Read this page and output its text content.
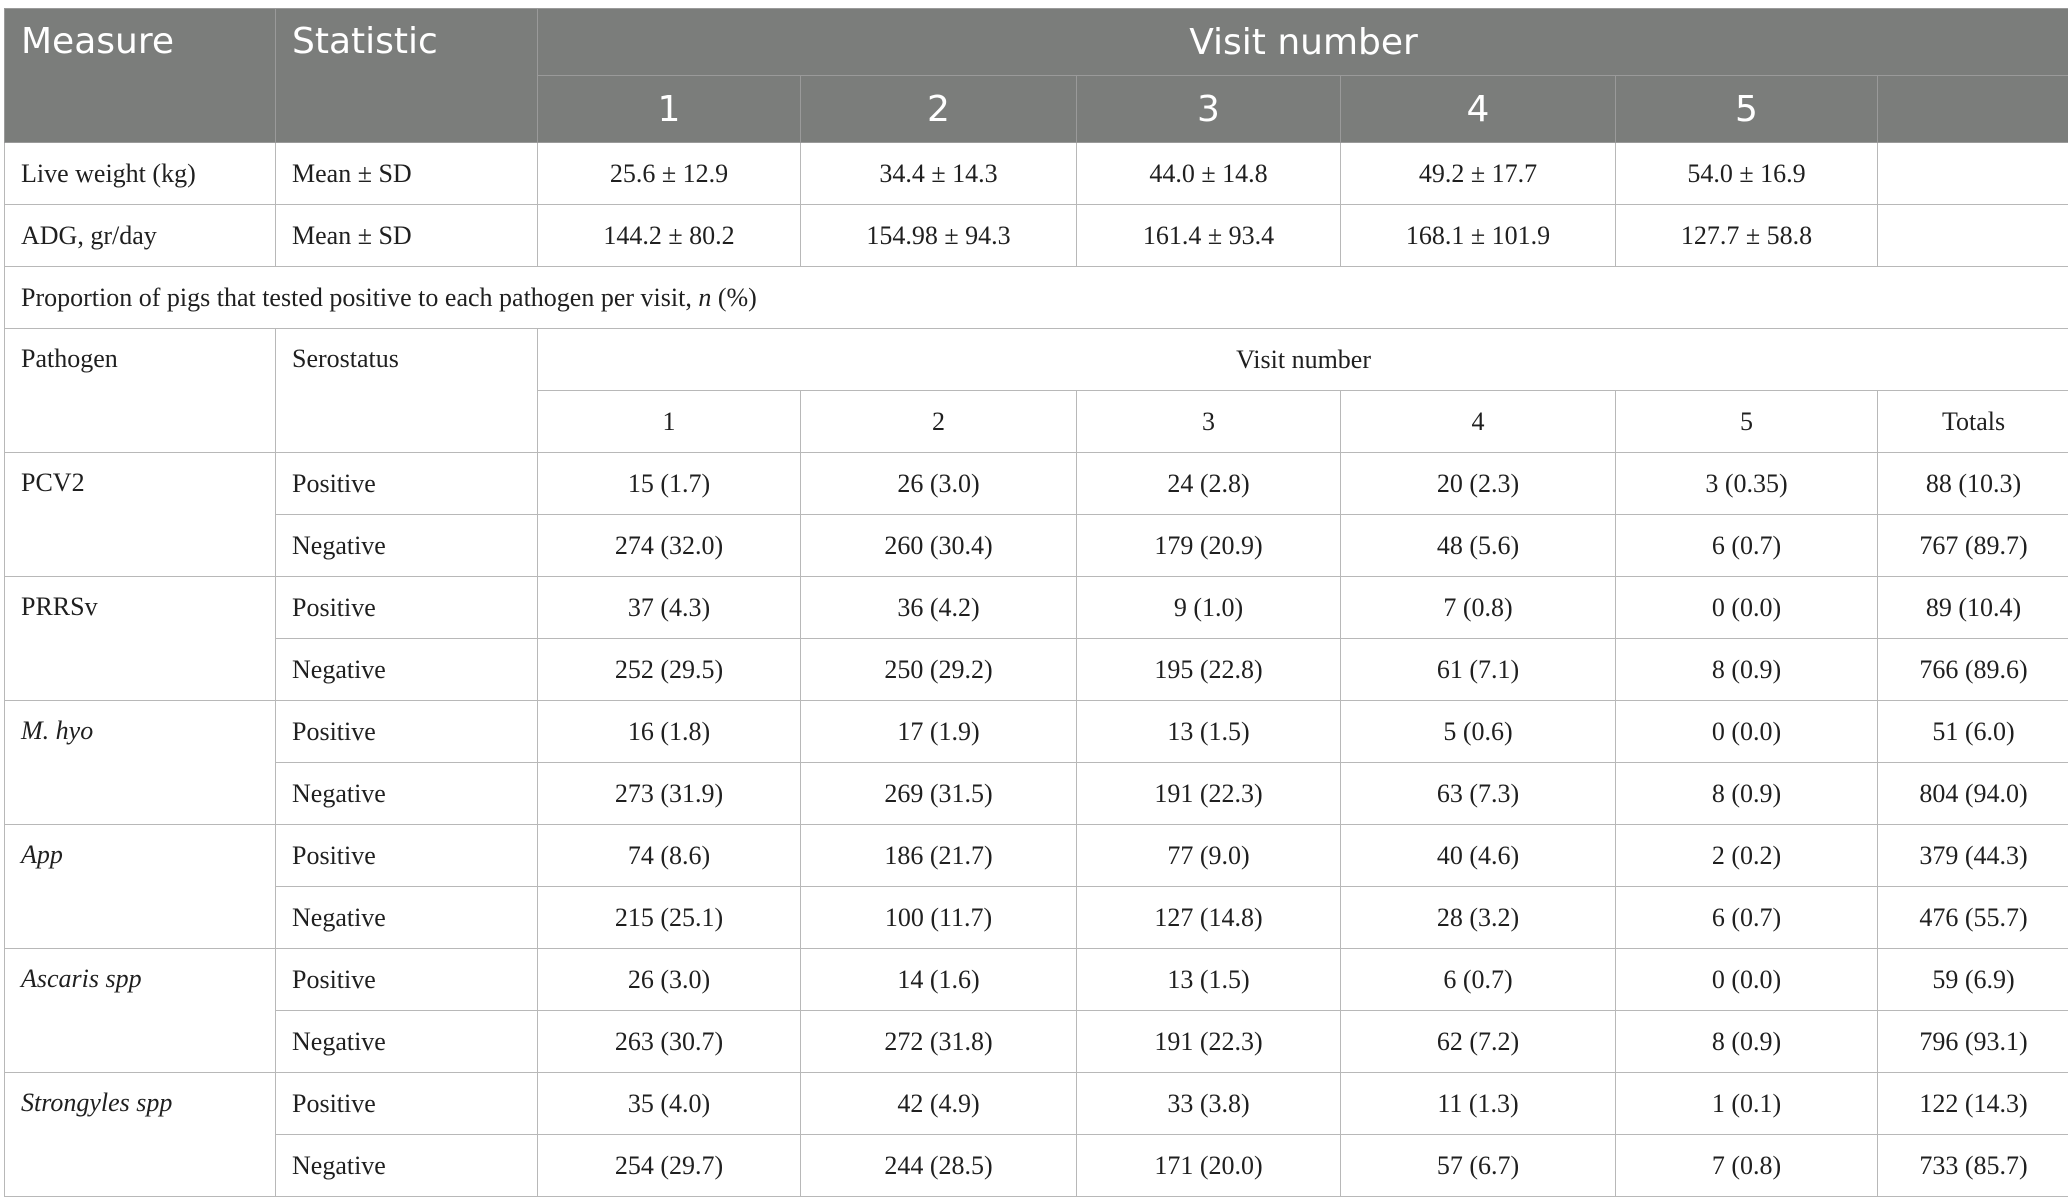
Measure	Statistic	Visit number					
		1	2	3	4	5	
Live weight (kg)	Mean ± SD	25.6 ± 12.9	34.4 ± 14.3	44.0 ± 14.8	49.2 ± 17.7	54.0 ± 16.9	
ADG, gr/day	Mean ± SD	144.2 ± 80.2	154.98 ± 94.3	161.4 ± 93.4	168.1 ± 101.9	127.7 ± 58.8	
Proportion of pigs that tested positive to each pathogen per visit, n (%)							
Pathogen	Serostatus	Visit number					
		1	2	3	4	5	Totals
PCV2	Positive	15 (1.7)	26 (3.0)	24 (2.8)	20 (2.3)	3 (0.35)	88 (10.3)
	Negative	274 (32.0)	260 (30.4)	179 (20.9)	48 (5.6)	6 (0.7)	767 (89.7)
PRRSv	Positive	37 (4.3)	36 (4.2)	9 (1.0)	7 (0.8)	0 (0.0)	89 (10.4)
	Negative	252 (29.5)	250 (29.2)	195 (22.8)	61 (7.1)	8 (0.9)	766 (89.6)
M. hyo	Positive	16 (1.8)	17 (1.9)	13 (1.5)	5 (0.6)	0 (0.0)	51 (6.0)
	Negative	273 (31.9)	269 (31.5)	191 (22.3)	63 (7.3)	8 (0.9)	804 (94.0)
App	Positive	74 (8.6)	186 (21.7)	77 (9.0)	40 (4.6)	2 (0.2)	379 (44.3)
	Negative	215 (25.1)	100 (11.7)	127 (14.8)	28 (3.2)	6 (0.7)	476 (55.7)
Ascaris spp	Positive	26 (3.0)	14 (1.6)	13 (1.5)	6 (0.7)	0 (0.0)	59 (6.9)
	Negative	263 (30.7)	272 (31.8)	191 (22.3)	62 (7.2)	8 (0.9)	796 (93.1)
Strongyles spp	Positive	35 (4.0)	42 (4.9)	33 (3.8)	11 (1.3)	1 (0.1)	122 (14.3)
	Negative	254 (29.7)	244 (28.5)	171 (20.0)	57 (6.7)	7 (0.8)	733 (85.7)
